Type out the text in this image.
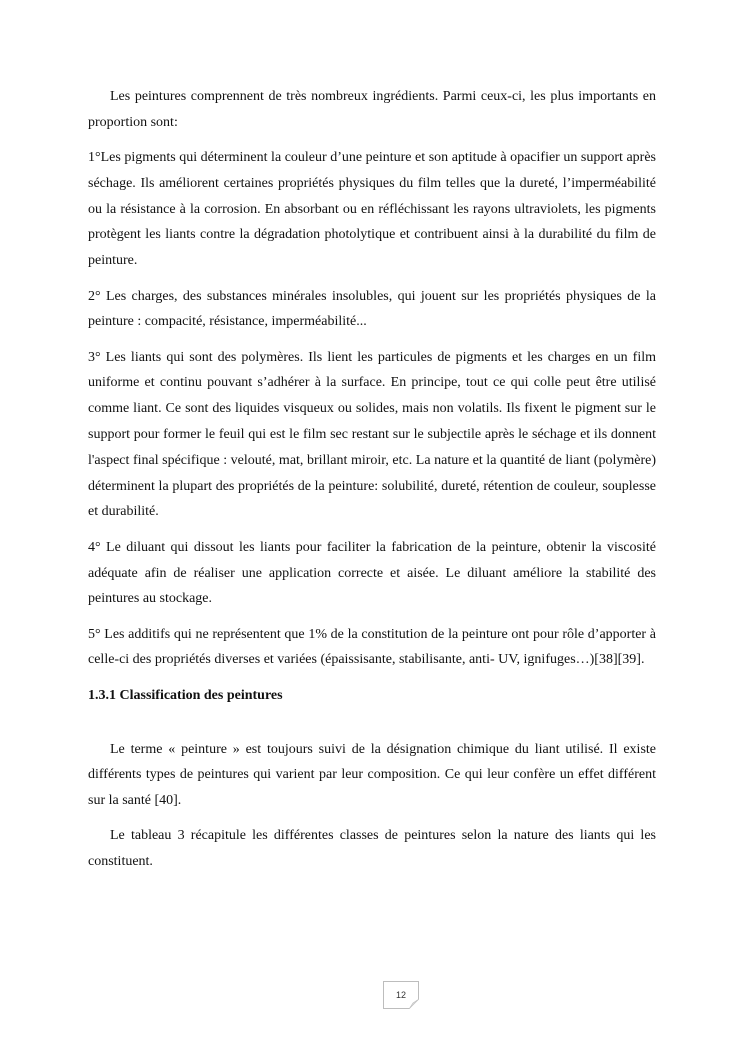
Les peintures comprennent de très nombreux ingrédients. Parmi ceux-ci, les plus importants en proportion sont:

1°Les pigments qui déterminent la couleur d’une peinture et son aptitude à opacifier un support après séchage. Ils améliorent certaines propriétés physiques du film telles que la dureté, l’imperméabilité ou la résistance à la corrosion. En absorbant ou en réfléchissant les rayons ultraviolets, les pigments protègent les liants contre la dégradation photolytique et contribuent ainsi à la durabilité du film de peinture.

2° Les charges, des substances minérales insolubles, qui jouent sur les propriétés physiques de la peinture : compacité, résistance, imperméabilité...

3° Les liants qui sont des polymères. Ils lient les particules de pigments et les charges en un film uniforme et continu pouvant s’adhérer à la surface. En principe, tout ce qui colle peut être utilisé comme liant. Ce sont des liquides visqueux ou solides, mais non volatils. Ils fixent le pigment sur le support pour former le feuil qui est le film sec restant sur le subjectile après le séchage et ils donnent l'aspect final spécifique : velouté, mat, brillant miroir, etc. La nature et la quantité de liant (polymère) déterminent la plupart des propriétés de la peinture: solubilité, dureté, rétention de couleur, souplesse et durabilité.

4° Le diluant qui dissout les liants pour faciliter la fabrication de la peinture, obtenir la viscosité adéquate afin de réaliser une application correcte et aisée. Le diluant améliore la stabilité des peintures au stockage.

5° Les additifs qui ne représentent que 1% de la constitution de la peinture ont pour rôle d’apporter à celle-ci des propriétés diverses et variées (épaissisante, stabilisante, anti- UV, ignifuges…)[38][39].

1.3.1 Classification des peintures

Le terme « peinture » est toujours suivi de la désignation chimique du liant utilisé. Il existe différents types de peintures qui varient par leur composition. Ce qui leur confère un effet différent sur la santé [40].

Le tableau 3 récapitule les différentes classes de peintures selon la nature des liants qui les constituent.

12
